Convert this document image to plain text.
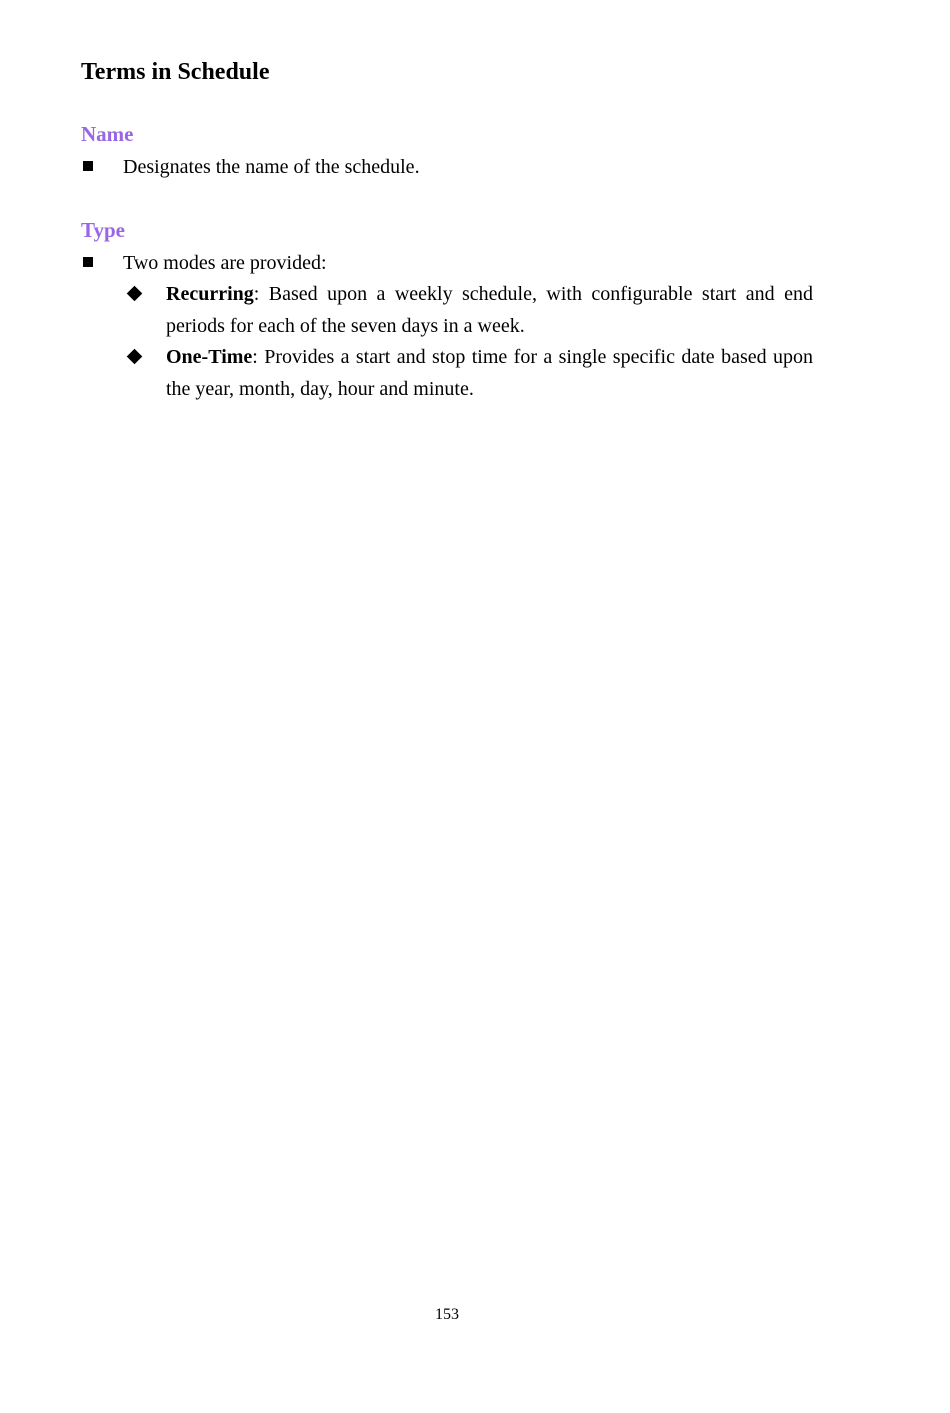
Terms in Schedule
Name
Designates the name of the schedule.
Type
Two modes are provided:

Recurring: Based upon a weekly schedule, with configurable start and end periods for each of the seven days in a week.

One-Time: Provides a start and stop time for a single specific date based upon the year, month, day, hour and minute.

153
